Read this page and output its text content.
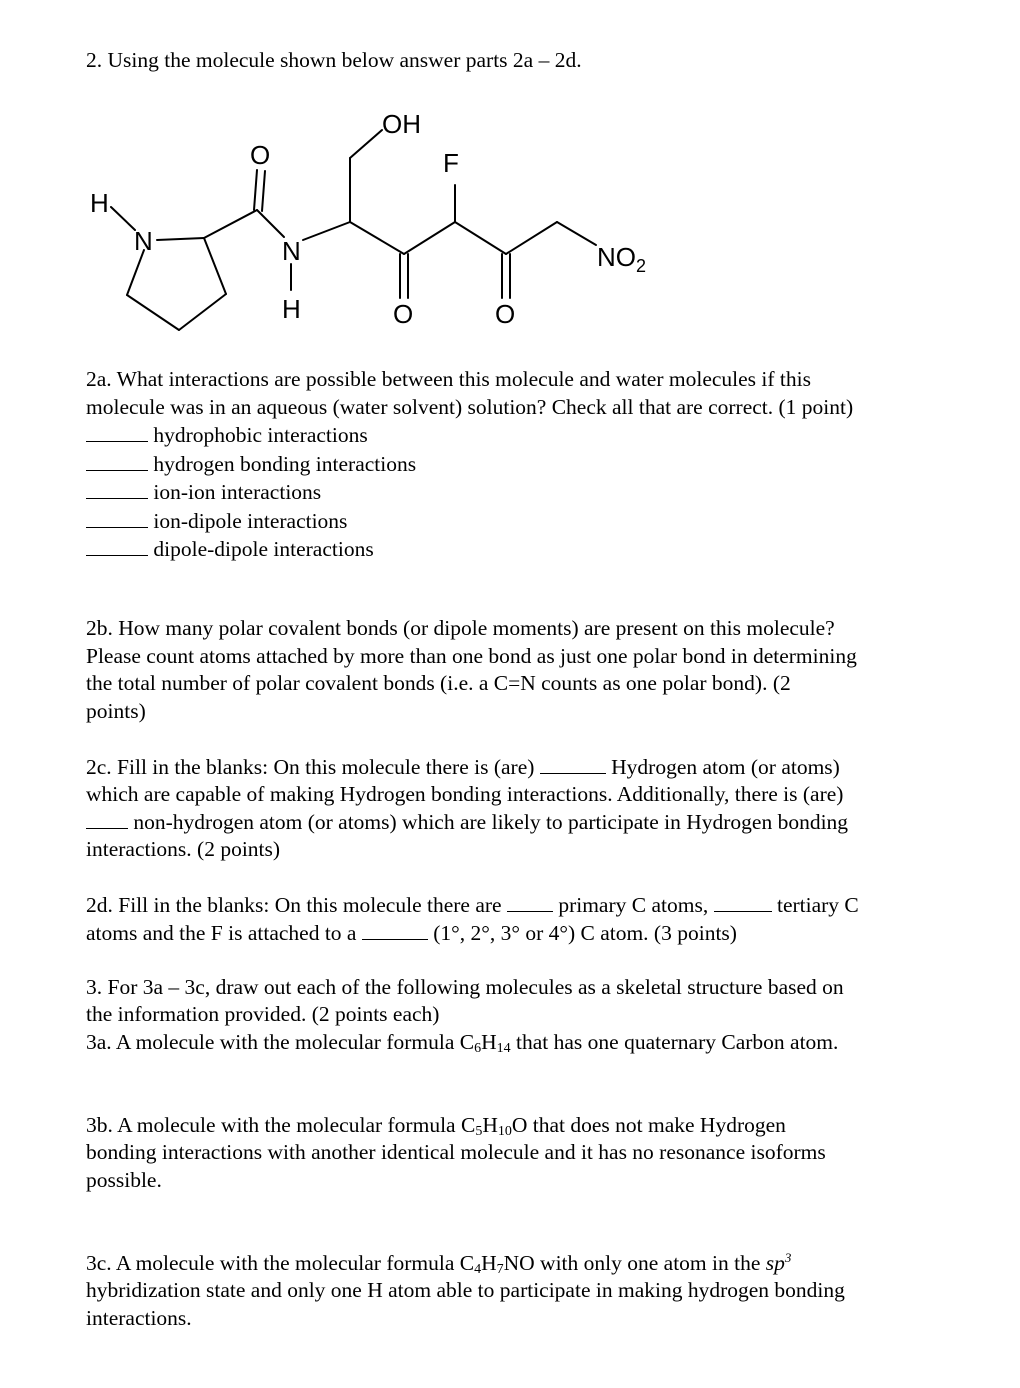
2. Using the molecule shown below answer parts 2a – 2d.
OH
F
H
N
O
N
H	O	O
$NO_2$
2a. What interactions are possible between this molecule and water molecules if this
molecule was in an aqueous (water solvent) solution? Check all that are correct. (1 point)
hydrophobic interactions
hydrogen bonding interactions
ion-ion interactions
ion-dipole interactions
dipole-dipole interactions
2b. How many polar covalent bonds (or dipole moments) are present on this molecule?
Please count atoms attached by more than one bond as just one polar bond in determining
the total number of polar covalent bonds (i.e. a C=N counts as one polar bond). (2
points)
2c. Fill in the blanks: On this molecule there is (are)	Hydrogen atom (or atoms)
which are capable of making Hydrogen bonding interactions. Additionally, there is (are)
non-hydrogen atom (or atoms) which are likely to participate in Hydrogen bonding
interactions. (2 points)
2d. Fill in the blanks: On this molecule there are	primary C atoms,	tertiary C
atoms and the F is attached to a	(1°, 2°, 3° or 4°) C atom. (3 points)
3. For 3a – 3c, draw out each of the following molecules as a skeletal structure based on
the information provided. (2 points each)
3a. A molecule with the molecular formula $C_6H_{14}$ that has one quaternary Carbon atom.
3b. A molecule with the molecular formula $C_5H_{10}O$ that does not make Hydrogen
bonding interactions with another identical molecule and it has no resonance isoforms
possible.
3c. A molecule with the molecular formula $C_4H_7NO$ with only one atom in the $sp^3$
hybridization state and only one H atom able to participate in making hydrogen bonding
interactions.
